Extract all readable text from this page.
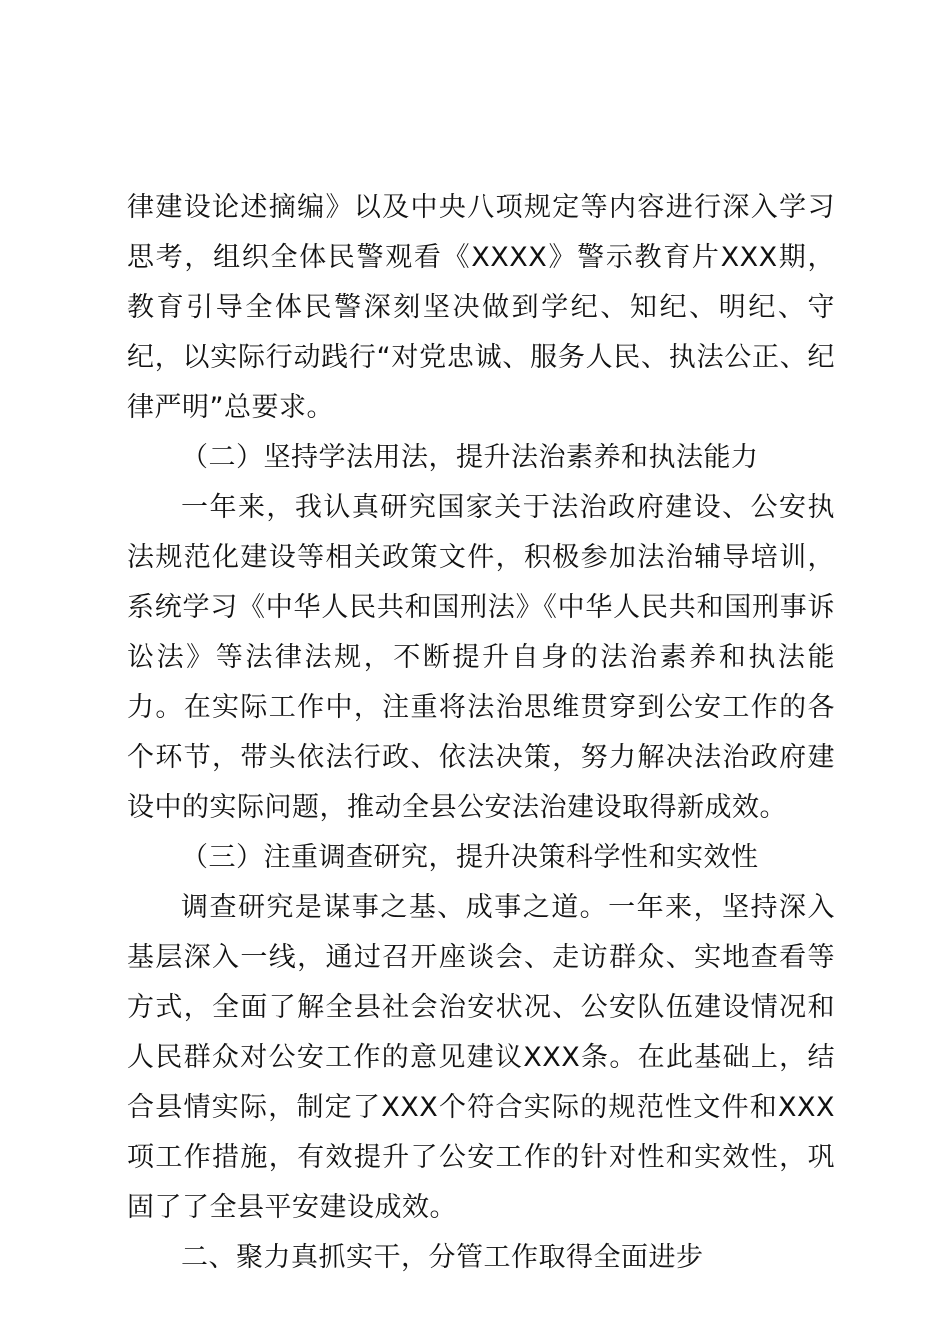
律建设论述摘编》以及中央八项规定等内容进行深入学习思考，组织全体民警观看《XXXX》警示教育片XXX期，教育引导全体民警深刻坚决做到学纪、知纪、明纪、守纪，以实际行动践行“对党忠诚、服务人民、执法公正、纪律严明”总要求。

（二）坚持学法用法，提升法治素养和执法能力

一年来，我认真研究国家关于法治政府建设、公安执法规范化建设等相关政策文件，积极参加法治辅导培训，系统学习《中华人民共和国刑法》《中华人民共和国刑事诉讼法》等法律法规，不断提升自身的法治素养和执法能力。在实际工作中，注重将法治思维贯穿到公安工作的各个环节，带头依法行政、依法决策，努力解决法治政府建设中的实际问题，推动全县公安法治建设取得新成效。

（三）注重调查研究，提升决策科学性和实效性

调查研究是谋事之基、成事之道。一年来，坚持深入基层深入一线，通过召开座谈会、走访群众、实地查看等方式，全面了解全县社会治安状况、公安队伍建设情况和人民群众对公安工作的意见建议XXX条。在此基础上，结合县情实际，制定了XXX个符合实际的规范性文件和XXX项工作措施，有效提升了公安工作的针对性和实效性，巩固了了全县平安建设成效。

二、聚力真抓实干，分管工作取得全面进步
